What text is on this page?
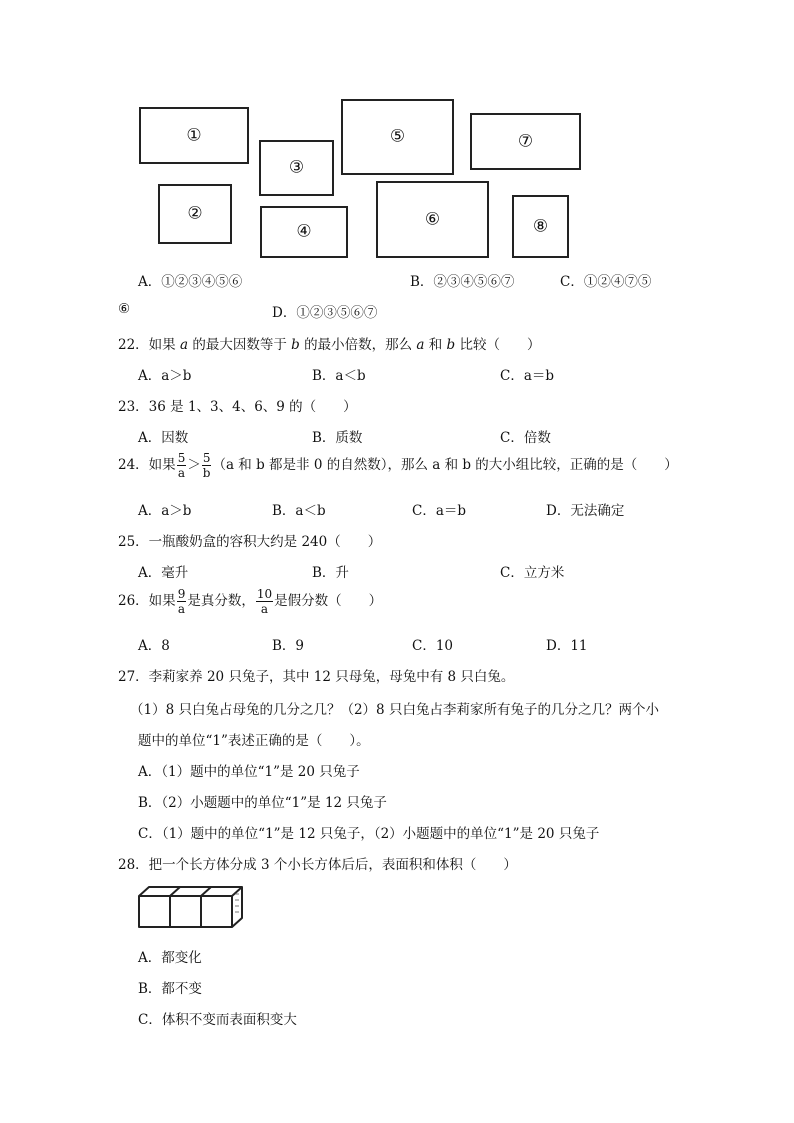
①
②
③
④
⑤
⑥
⑦
⑧
A．①②③④⑤⑥	B．②③④⑤⑥⑦	C．①②④⑦⑤
⑥	D．①②③⑤⑥⑦
22．如果 a 的最大因数等于 b 的最小倍数，那么 a 和 b 比较（　　）
A．a＞b	B．a＜b	C．a＝b
23．36 是 1、3、4、6、9 的（　　）
A．因数	B．质数	C．倍数
24．如果 $\frac{5}{a} > \frac{5}{b} (a$ 和 b 都是非 0 的自然数），那么 a 和 b 的大小组比较，正确的是（　　）
A．a＞b	B．a＜b	C．a＝b	D．无法确定
25．一瓶酸奶盒的容积大约是 240（　　）
A．毫升	B．升	C．立方米
26．如果 $\frac{9}{a}$ 是真分数， $\frac{10}{a}$ 是假分数（　　）
A．8	B．9	C．10	D．11
27．李莉家养 20 只兔子，其中 12 只母兔，母兔中有 8 只白兔。
（1）8 只白兔占母兔的几分之几？（2）8 只白兔占李莉家所有兔子的几分之几？两个小
题中的单位“1”表述正确的是（　　）。
A．（1）题中的单位“1”是 20 只兔子
B．（2）小题题中的单位“1”是 12 只兔子
C．（1）题中的单位“1”是 12 只兔子，（2）小题题中的单位“1”是 20 只兔子
28．把一个长方体分成 3 个小长方体后后，表面积和体积（　　）
A．都变化
B．都不变
C．体积不变而表面积变大
